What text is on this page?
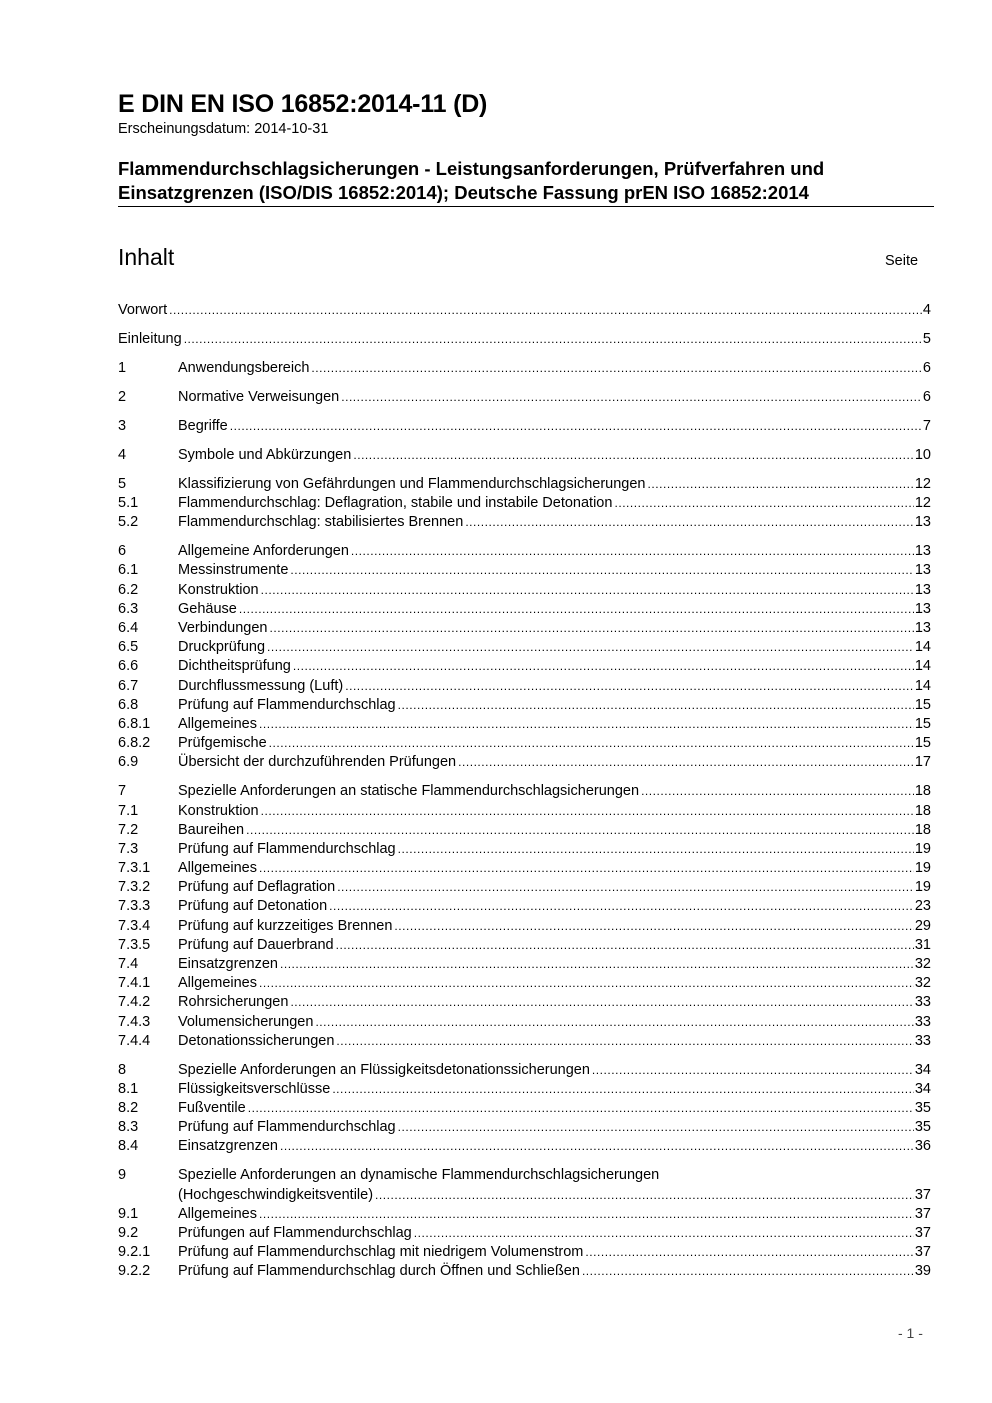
E DIN EN ISO 16852:2014-11 (D)
Erscheinungsdatum: 2014-10-31
Flammendurchschlagsicherungen - Leistungsanforderungen, Prüfverfahren und Einsatzgrenzen (ISO/DIS 16852:2014); Deutsche Fassung prEN ISO 16852:2014
Inhalt	Seite
Vorwort . . .	4
Einleitung . . .	5
1	Anwendungsbereich . . .	6
2	Normative Verweisungen . . .	6
3	Begriffe . . .	7
4	Symbole und Abkürzungen . . .	10
5	Klassifizierung von Gefährdungen und Flammendurchschlagsicherungen . . .	12
5.1	Flammendurchschlag: Deflagration, stabile und instabile Detonation . . .	12
5.2	Flammendurchschlag: stabilisiertes Brennen . . .	13
6	Allgemeine Anforderungen . . .	13
6.1	Messinstrumente . . .	13
6.2	Konstruktion . . .	13
6.3	Gehäuse . . .	13
6.4	Verbindungen . . .	13
6.5	Druckprüfung . . .	14
6.6	Dichtheitsprüfung . . .	14
6.7	Durchflussmessung (Luft) . . .	14
6.8	Prüfung auf Flammendurchschlag . . .	15
6.8.1	Allgemeines . . .	15
6.8.2	Prüfgemische . . .	15
6.9	Übersicht der durchzuführenden Prüfungen . . .	17
7	Spezielle Anforderungen an statische Flammendurchschlagsicherungen . . .	18
7.1	Konstruktion . . .	18
7.2	Baureihen . . .	18
7.3	Prüfung auf Flammendurchschlag . . .	19
7.3.1	Allgemeines . . .	19
7.3.2	Prüfung auf Deflagration . . .	19
7.3.3	Prüfung auf Detonation . . .	23
7.3.4	Prüfung auf kurzzeitiges Brennen . . .	29
7.3.5	Prüfung auf Dauerbrand . . .	31
7.4	Einsatzgrenzen . . .	32
7.4.1	Allgemeines . . .	32
7.4.2	Rohrsicherungen . . .	33
7.4.3	Volumensicherungen . . .	33
7.4.4	Detonationssicherungen . . .	33
8	Spezielle Anforderungen an Flüssigkeitsdetonationssicherungen . . .	34
8.1	Flüssigkeitsverschlüsse . . .	34
8.2	Fußventile . . .	35
8.3	Prüfung auf Flammendurchschlag . . .	35
8.4	Einsatzgrenzen . . .	36
9	Spezielle Anforderungen an dynamische Flammendurchschlagsicherungen
(Hochgeschwindigkeitsventile) . . .	37
9.1	Allgemeines . . .	37
9.2	Prüfungen auf Flammendurchschlag . . .	37
9.2.1	Prüfung auf Flammendurchschlag mit niedrigem Volumenstrom . . .	37
9.2.2	Prüfung auf Flammendurchschlag durch Öffnen und Schließen . . .	39
- 1 -
